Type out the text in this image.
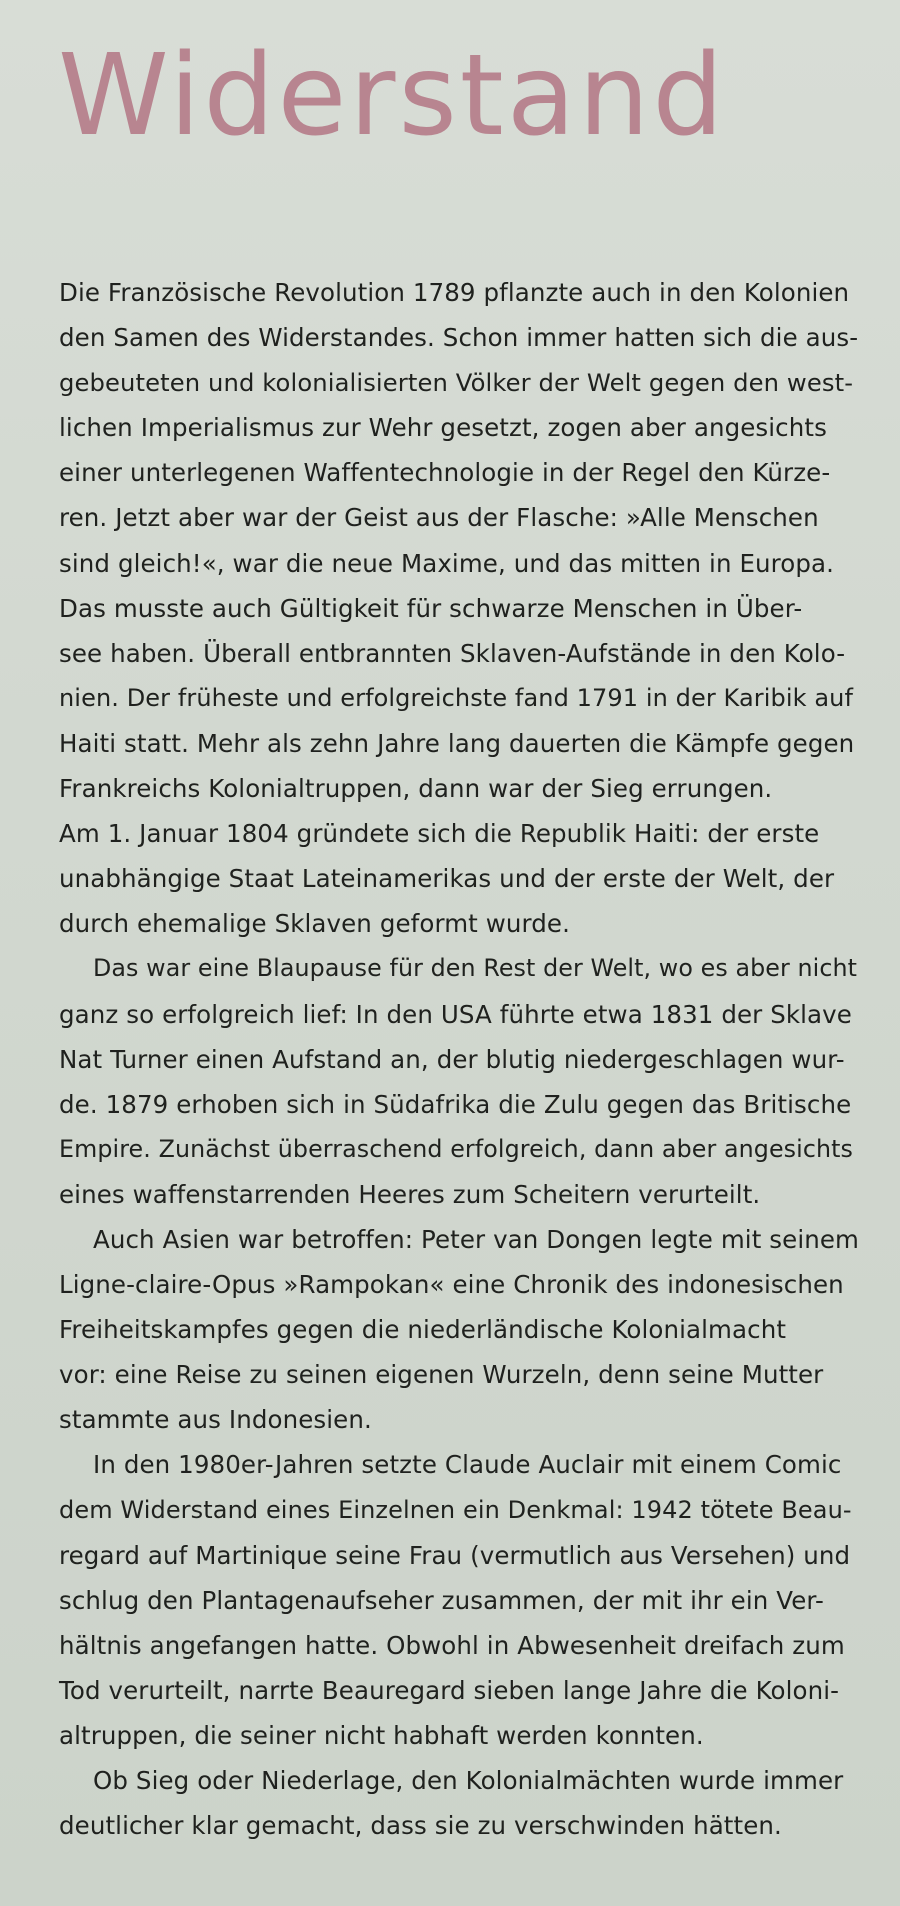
Widerstand
Die Französische Revolution 1789 pflanzte auch in den Kolonien
den Samen des Widerstandes. Schon immer hatten sich die aus-
gebeuteten und kolonialisierten Völker der Welt gegen den west-
lichen Imperialismus zur Wehr gesetzt, zogen aber angesichts
einer unterlegenen Waffentechnologie in der Regel den Kürze-
ren. Jetzt aber war der Geist aus der Flasche: »Alle Menschen
sind gleich!«, war die neue Maxime, und das mitten in Europa.
Das musste auch Gültigkeit für schwarze Menschen in Über-
see haben. Überall entbrannten Sklaven-Aufstände in den Kolo-
nien. Der früheste und erfolgreichste fand 1791 in der Karibik auf
Haiti statt. Mehr als zehn Jahre lang dauerten die Kämpfe gegen
Frankreichs Kolonialtruppen, dann war der Sieg errungen.
Am 1. Januar 1804 gründete sich die Republik Haiti: der erste
unabhängige Staat Lateinamerikas und der erste der Welt, der
durch ehemalige Sklaven geformt wurde.
Das war eine Blaupause für den Rest der Welt, wo es aber nicht
ganz so erfolgreich lief: In den USA führte etwa 1831 der Sklave
Nat Turner einen Aufstand an, der blutig niedergeschlagen wur-
de. 1879 erhoben sich in Südafrika die Zulu gegen das Britische
Empire. Zunächst überraschend erfolgreich, dann aber angesichts
eines waffenstarrenden Heeres zum Scheitern verurteilt.
Auch Asien war betroffen: Peter van Dongen legte mit seinem
Ligne-claire-Opus »Rampokan« eine Chronik des indonesischen
Freiheitskampfes gegen die niederländische Kolonialmacht
vor: eine Reise zu seinen eigenen Wurzeln, denn seine Mutter
stammte aus Indonesien.
In den 1980er-Jahren setzte Claude Auclair mit einem Comic
dem Widerstand eines Einzelnen ein Denkmal: 1942 tötete Beau-
regard auf Martinique seine Frau (vermutlich aus Versehen) und
schlug den Plantagenaufseher zusammen, der mit ihr ein Ver-
hältnis angefangen hatte. Obwohl in Abwesenheit dreifach zum
Tod verurteilt, narrte Beauregard sieben lange Jahre die Koloni-
altruppen, die seiner nicht habhaft werden konnten.
Ob Sieg oder Niederlage, den Kolonialmächten wurde immer
deutlicher klar gemacht, dass sie zu verschwinden hätten.
